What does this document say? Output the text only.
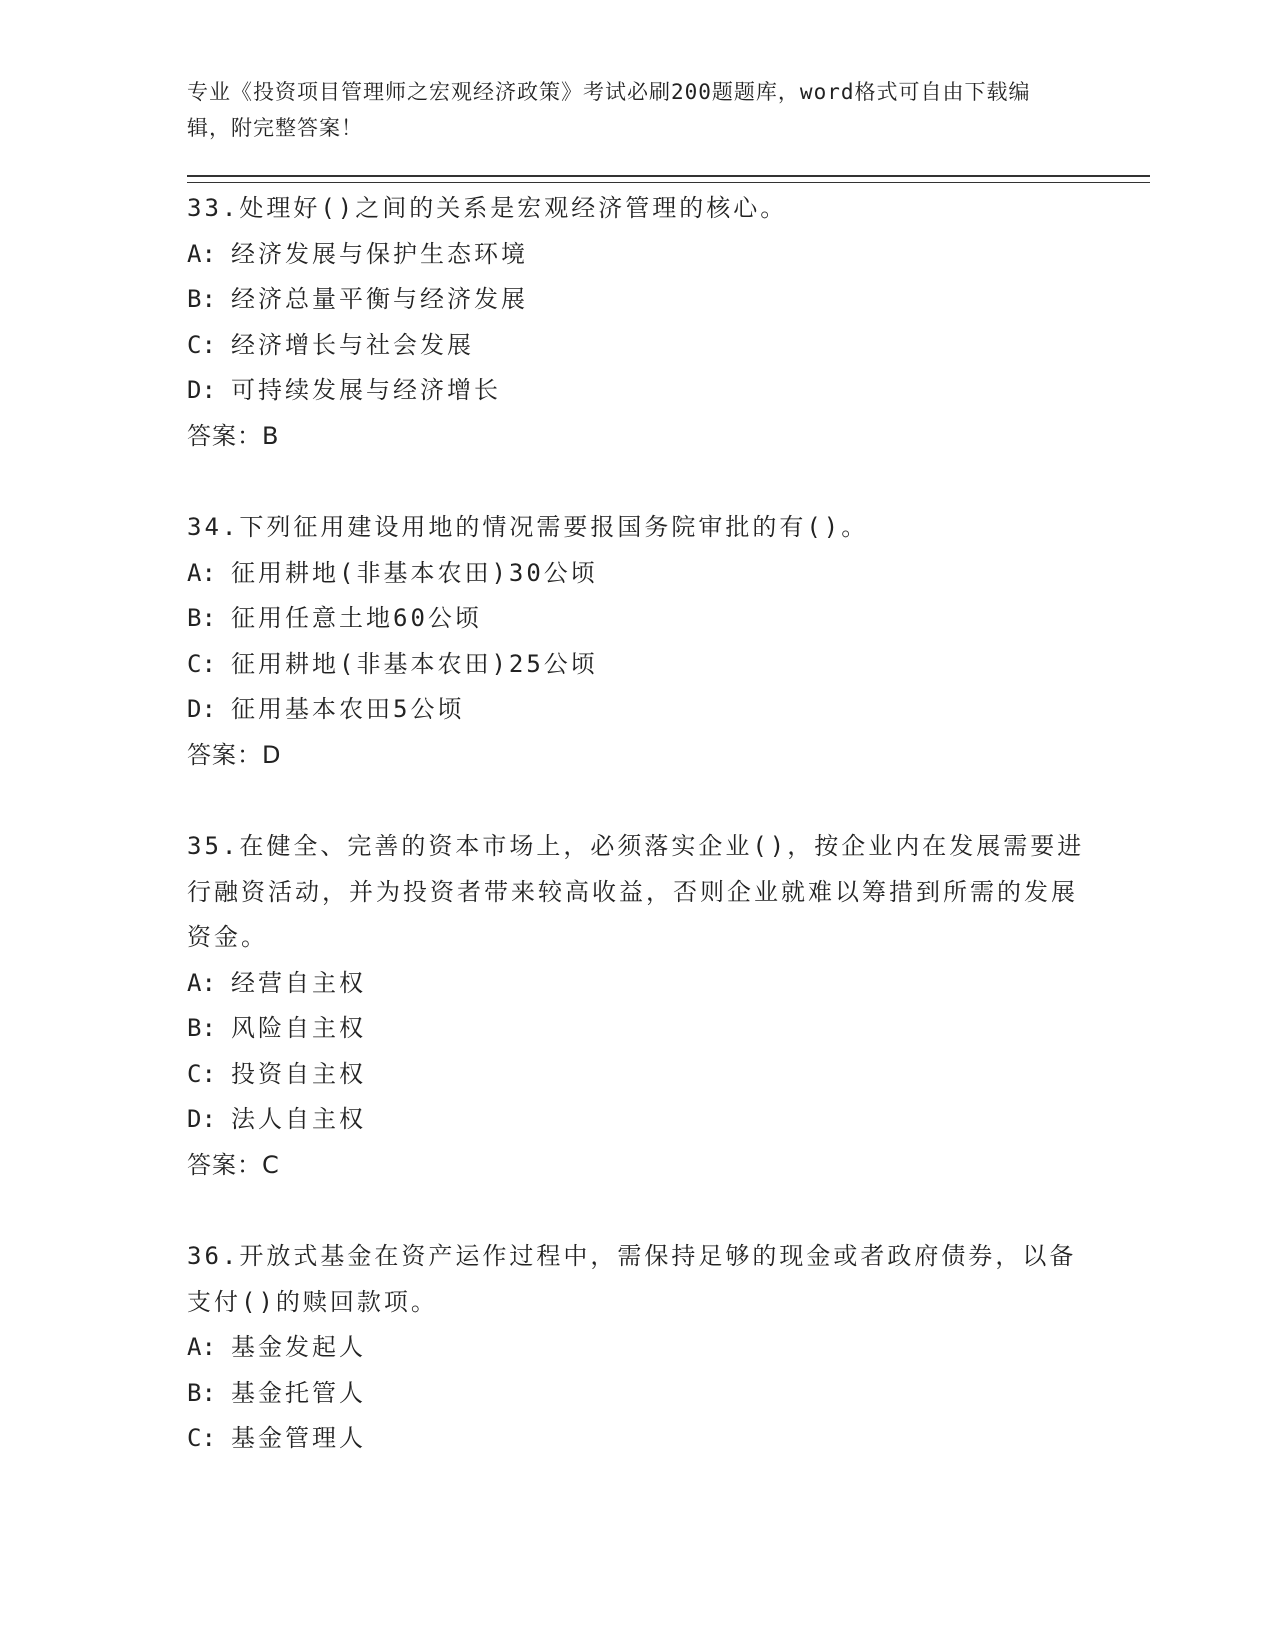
专业《投资项目管理师之宏观经济政策》考试必刷200题题库，word格式可自由下载编辑，附完整答案！

33.处理好()之间的关系是宏观经济管理的核心。

A: 经济发展与保护生态环境

B: 经济总量平衡与经济发展

C: 经济增长与社会发展

D: 可持续发展与经济增长

答案：B

34.下列征用建设用地的情况需要报国务院审批的有()。

A: 征用耕地(非基本农田)30公顷

B: 征用任意土地60公顷

C: 征用耕地(非基本农田)25公顷

D: 征用基本农田5公顷

答案：D

35.在健全、完善的资本市场上，必须落实企业()，按企业内在发展需要进行融资活动，并为投资者带来较高收益，否则企业就难以筹措到所需的发展资金。

A: 经营自主权

B: 风险自主权

C: 投资自主权

D: 法人自主权

答案：C

36.开放式基金在资产运作过程中，需保持足够的现金或者政府债券，以备支付()的赎回款项。

A: 基金发起人

B: 基金托管人

C: 基金管理人
